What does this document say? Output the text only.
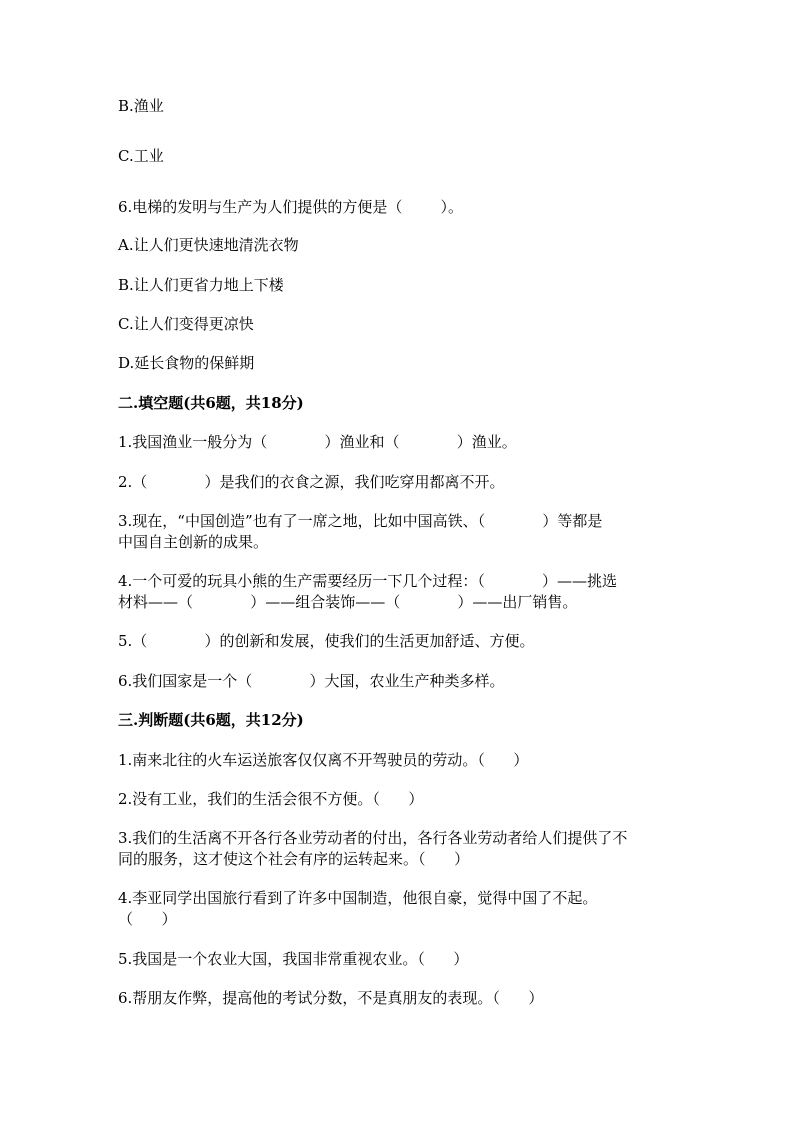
B.渔业

C.工业

6.电梯的发明与生产为人们提供的方便是（        ）。

A.让人们更快速地清洗衣物

B.让人们更省力地上下楼

C.让人们变得更凉快

D.延长食物的保鲜期

二.填空题(共6题，共18分)

1.我国渔业一般分为（            ）渔业和（            ）渔业。

2.（            ）是我们的衣食之源，我们吃穿用都离不开。

3.现在，“中国创造”也有了一席之地，比如中国高铁、（            ）等都是

中国自主创新的成果。

4.一个可爱的玩具小熊的生产需要经历一下几个过程：（            ）——挑选

材料——（            ）——组合装饰——（            ）——出厂销售。

5.（            ）的创新和发展，使我们的生活更加舒适、方便。

6.我们国家是一个（            ）大国，农业生产种类多样。

三.判断题(共6题，共12分)

1.南来北往的火车运送旅客仅仅离不开驾驶员的劳动。（      ）

2.没有工业，我们的生活会很不方便。（      ）

3.我们的生活离不开各行各业劳动者的付出，各行各业劳动者给人们提供了不

同的服务，这才使这个社会有序的运转起来。（      ）

4.李亚同学出国旅行看到了许多中国制造，他很自豪，觉得中国了不起。

（      ）

5.我国是一个农业大国，我国非常重视农业。（      ）

6.帮朋友作弊，提高他的考试分数，不是真朋友的表现。（      ）
